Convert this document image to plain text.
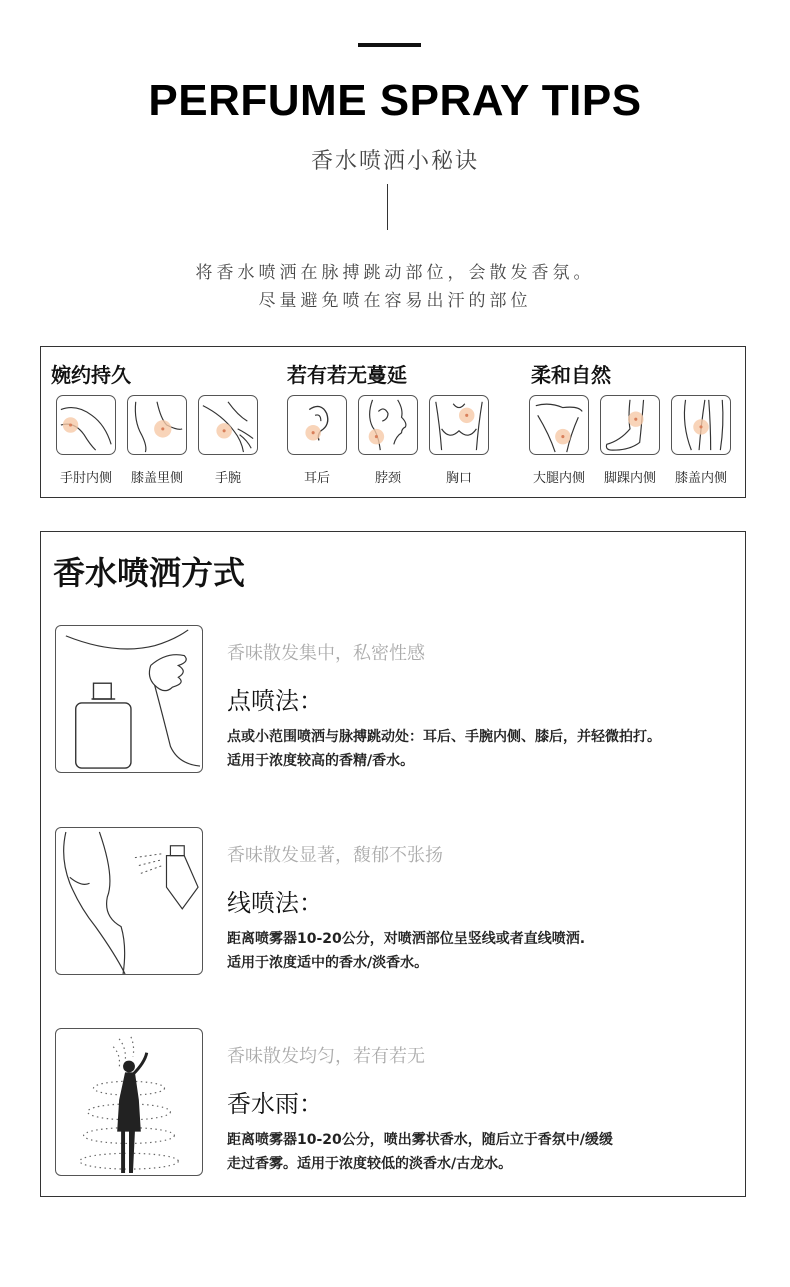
PERFUME SPRAY TIPS
香水喷洒小秘诀

将香水喷洒在脉搏跳动部位，会散发香氛。

尽量避免喷在容易出汗的部位

婉约持久	若有若无蔓延	柔和自然
手肘内侧	膝盖里侧	手腕	耳后	脖颈	胸口	大腿内侧	脚踝内侧	膝盖内侧
香水喷洒方式
香味散发集中，私密性感
点喷法：
点或小范围喷洒与脉搏跳动处：耳后、手腕内侧、膝后，并轻微拍打。
适用于浓度较高的香精/香水。
香味散发显著，馥郁不张扬
线喷法：
距离喷雾器10-20公分，对喷洒部位呈竖线或者直线喷洒.
适用于浓度适中的香水/淡香水。
香味散发均匀，若有若无
香水雨：
距离喷雾器10-20公分，喷出雾状香水，随后立于香氛中/缓缓
走过香雾。适用于浓度较低的淡香水/古龙水。
